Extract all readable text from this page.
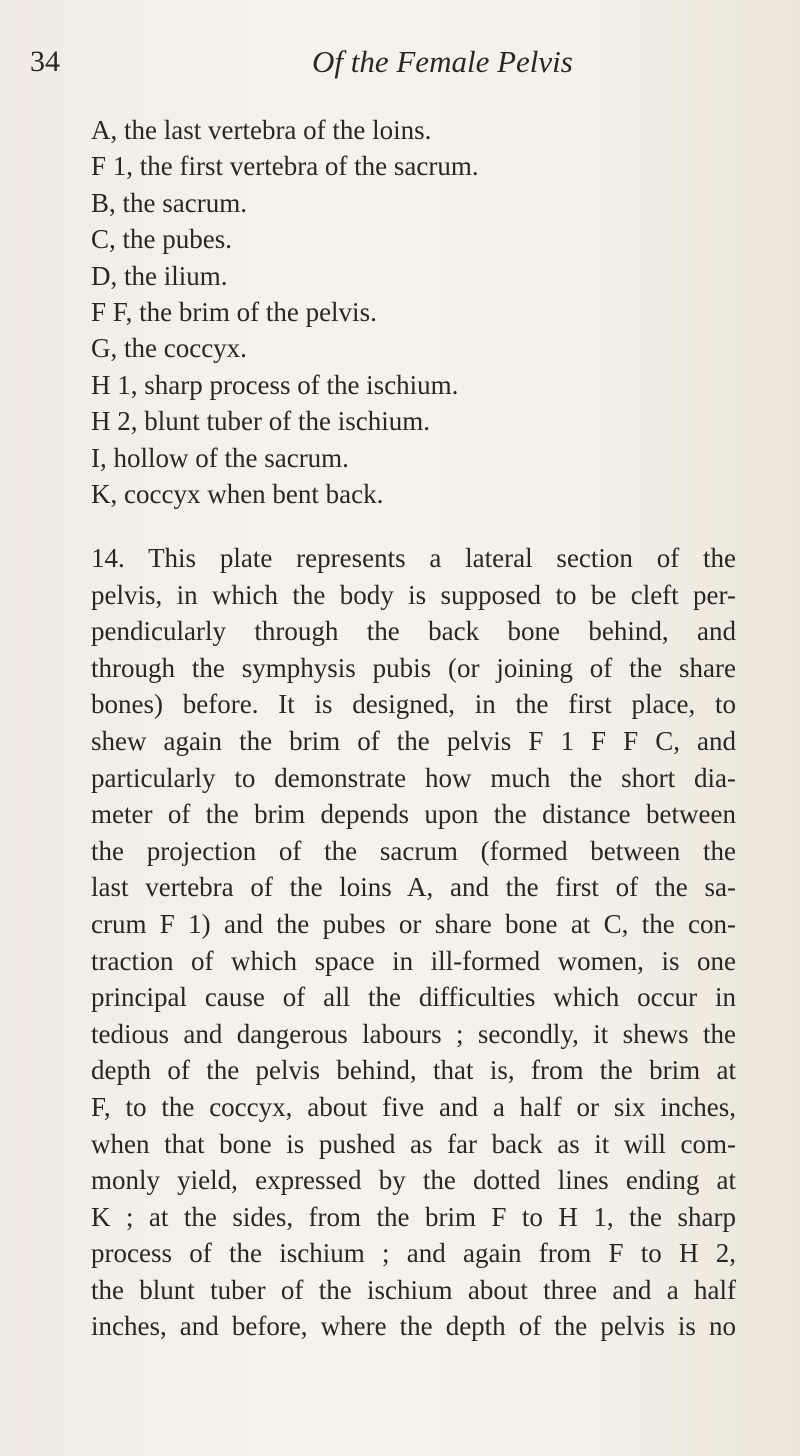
34	Of the Female Pelvis
A, the last vertebra of the loins.
F 1, the first vertebra of the sacrum.
B, the sacrum.
C, the pubes.
D, the ilium.
F F, the brim of the pelvis.
G, the coccyx.
H 1, sharp process of the ischium.
H 2, blunt tuber of the ischium.
I, hollow of the sacrum.
K, coccyx when bent back.
14. This plate represents a lateral section of the
pelvis, in which the body is supposed to be cleft per-
pendicularly through the back bone behind, and
through the symphysis pubis (or joining of the share
bones) before. It is designed, in the first place, to
shew again the brim of the pelvis F 1 F F C, and
particularly to demonstrate how much the short dia-
meter of the brim depends upon the distance between
the projection of the sacrum (formed between the
last vertebra of the loins A, and the first of the sa-
crum F 1) and the pubes or share bone at C, the con-
traction of which space in ill-formed women, is one
principal cause of all the difficulties which occur in
tedious and dangerous labours ; secondly, it shews the
depth of the pelvis behind, that is, from the brim at
F, to the coccyx, about five and a half or six inches,
when that bone is pushed as far back as it will com-
monly yield, expressed by the dotted lines ending at
K ; at the sides, from the brim F to H 1, the sharp
process of the ischium ; and again from F to H 2,
the blunt tuber of the ischium about three and a half
inches, and before, where the depth of the pelvis is no
